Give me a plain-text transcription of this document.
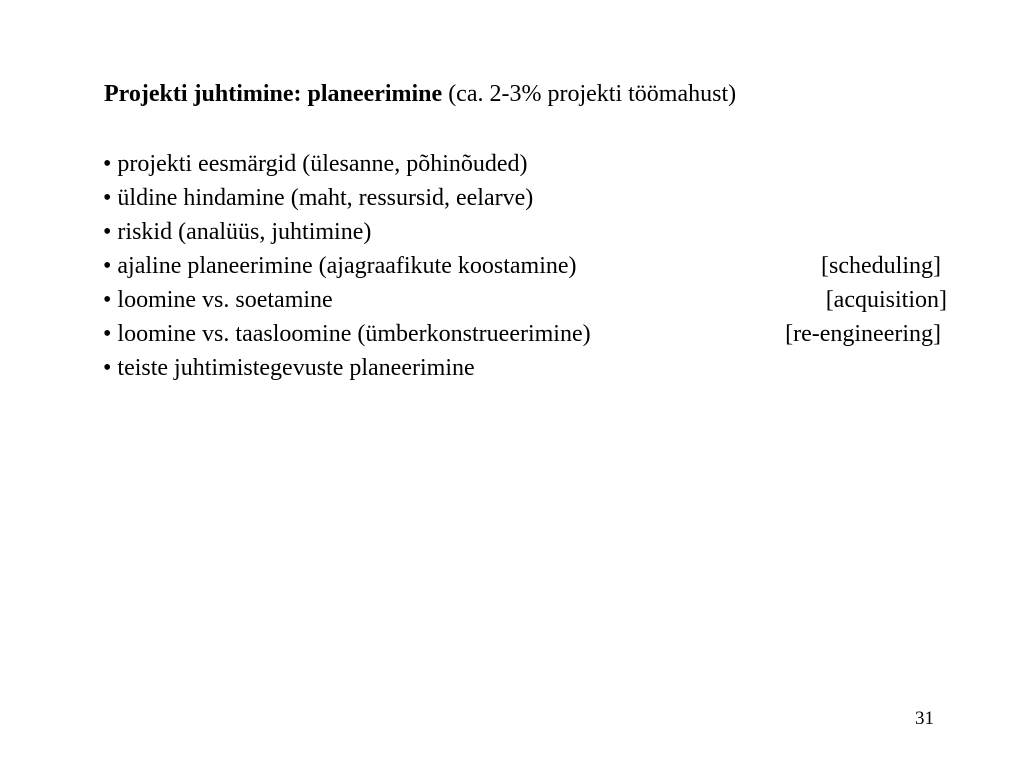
Projekti juhtimine: planeerimine (ca. 2-3% projekti töömahust)
• projekti eesmärgid (ülesanne, põhinõuded)
• üldine hindamine (maht, ressursid, eelarve)
• riskid (analüüs, juhtimine)
• ajaline planeerimine (ajagraafikute koostamine)	[scheduling]
• loomine vs. soetamine	[acquisition]
• loomine vs. taasloomine (ümberkonstrueerimine)	[re-engineering]
• teiste juhtimistegevuste planeerimine
31
